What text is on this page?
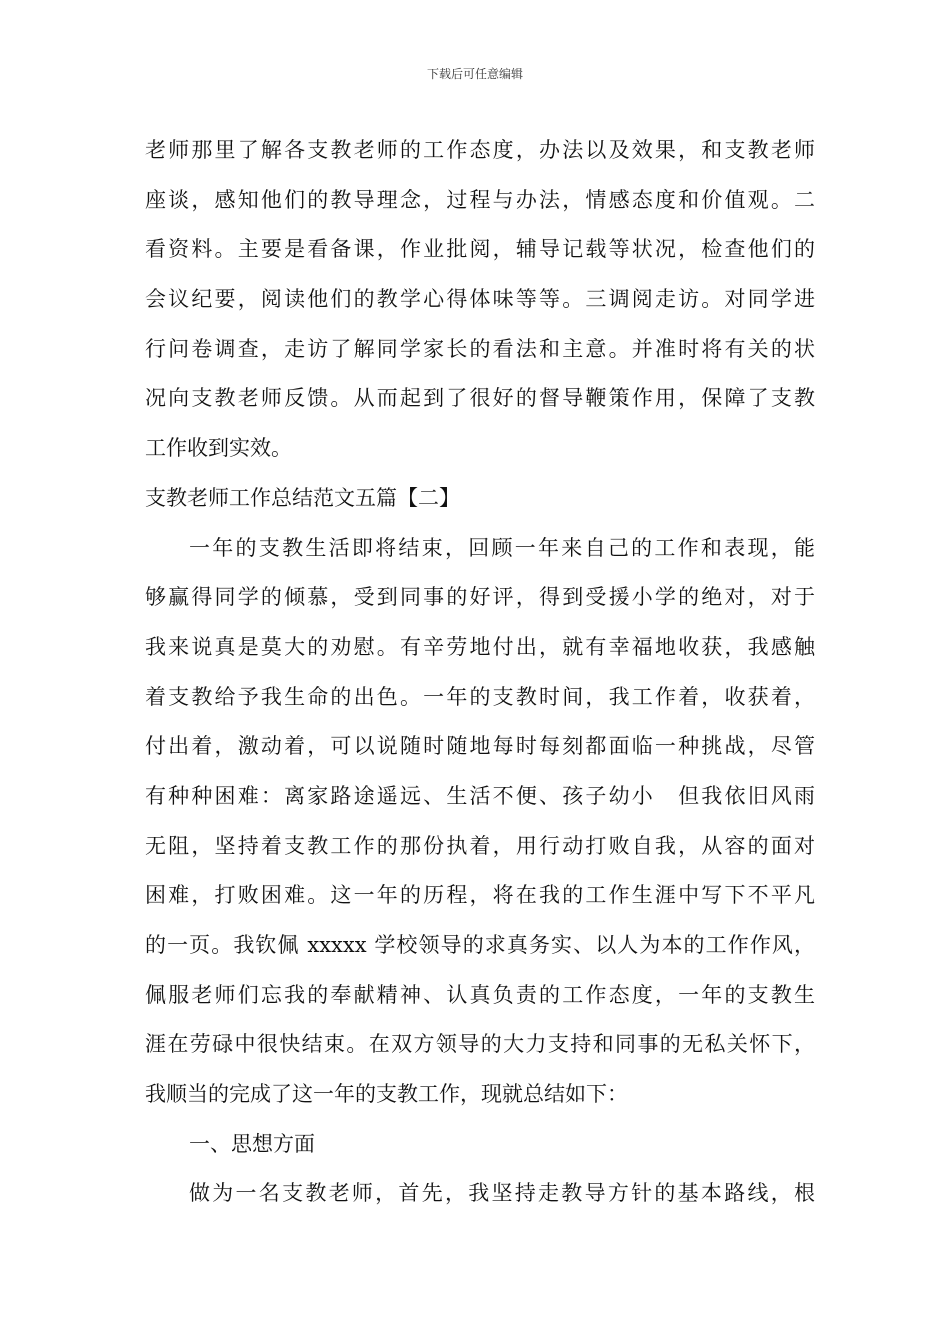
下载后可任意编辑
老师那里了解各支教老师的工作态度，办法以及效果，和支教老师
座谈，感知他们的教导理念，过程与办法，情感态度和价值观。二
看资料。主要是看备课，作业批阅，辅导记载等状况，检查他们的
会议纪要，阅读他们的教学心得体味等等。三调阅走访。对同学进
行问卷调查，走访了解同学家长的看法和主意。并准时将有关的状
况向支教老师反馈。从而起到了很好的督导鞭策作用，保障了支教
工作收到实效。
支教老师工作总结范文五篇【二】
一年的支教生活即将结束，回顾一年来自己的工作和表现，能
够赢得同学的倾慕，受到同事的好评，得到受援小学的绝对，对于
我来说真是莫大的劝慰。有辛劳地付出，就有幸福地收获，我感触
着支教给予我生命的出色。一年的支教时间，我工作着，收获着，
付出着，激动着，可以说随时随地每时每刻都面临一种挑战，尽管
有种种困难：离家路途遥远、生活不便、孩子幼小　但我依旧风雨
无阻，坚持着支教工作的那份执着，用行动打败自我，从容的面对
困难，打败困难。这一年的历程，将在我的工作生涯中写下不平凡
的一页。我钦佩 xxxxx 学校领导的求真务实、以人为本的工作作风，
佩服老师们忘我的奉献精神、认真负责的工作态度，一年的支教生
涯在劳碌中很快结束。在双方领导的大力支持和同事的无私关怀下，
我顺当的完成了这一年的支教工作，现就总结如下：
一、思想方面
做为一名支教老师，首先，我坚持走教导方针的基本路线，根
